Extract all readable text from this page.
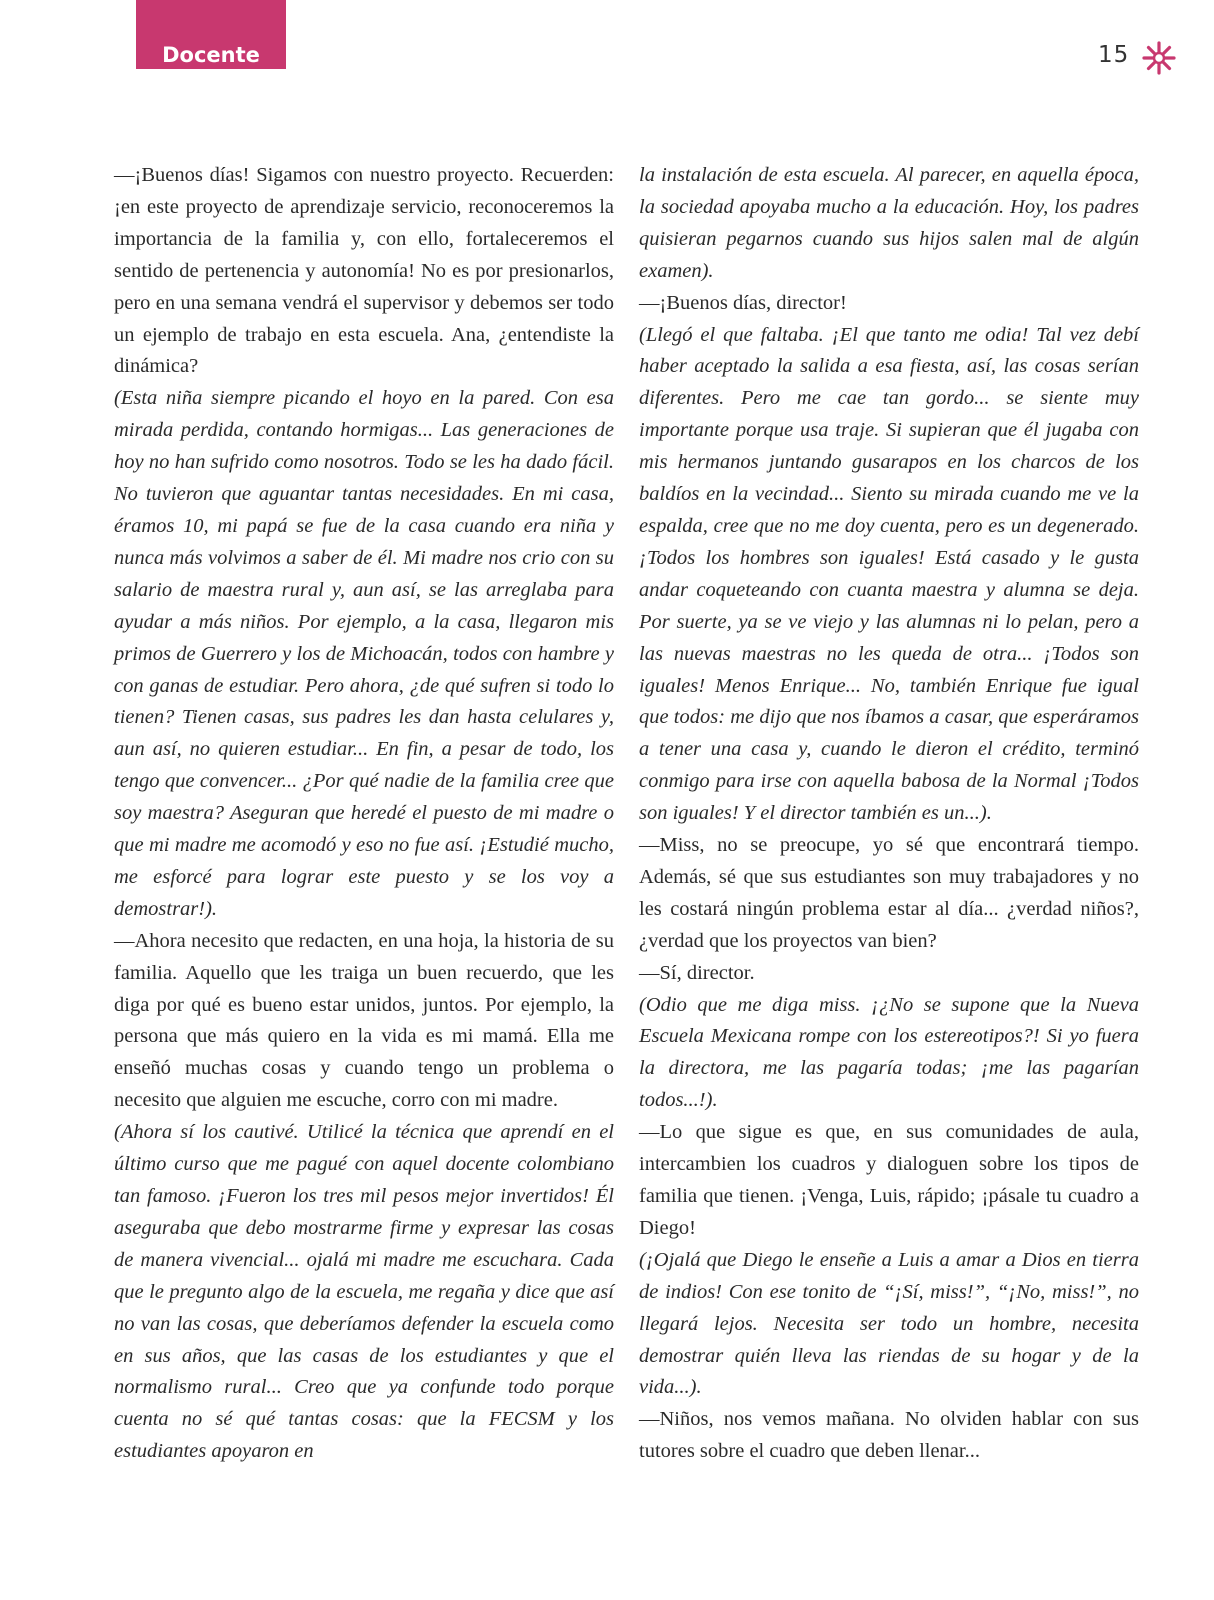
Docente	15

—¡Buenos días! Sigamos con nuestro proyecto. Recuerden: ¡en este proyecto de aprendizaje servicio, reconoceremos la importancia de la familia y, con ello, fortaleceremos el sentido de pertenencia y autonomía! No es por presionarlos, pero en una semana vendrá el supervisor y debemos ser todo un ejemplo de trabajo en esta escuela. Ana, ¿entendiste la dinámica?

(Esta niña siempre picando el hoyo en la pared. Con esa mirada perdida, contando hormigas... Las generaciones de hoy no han sufrido como nosotros. Todo se les ha dado fácil. No tuvieron que aguantar tantas necesidades. En mi casa, éramos 10, mi papá se fue de la casa cuando era niña y nunca más volvimos a saber de él. Mi madre nos crio con su salario de maestra rural y, aun así, se las arreglaba para ayudar a más niños. Por ejemplo, a la casa, llegaron mis primos de Guerrero y los de Michoacán, todos con hambre y con ganas de estudiar. Pero ahora, ¿de qué sufren si todo lo tienen? Tienen casas, sus padres les dan hasta celulares y, aun así, no quieren estudiar... En fin, a pesar de todo, los tengo que convencer... ¿Por qué nadie de la familia cree que soy maestra? Aseguran que heredé el puesto de mi madre o que mi madre me acomodó y eso no fue así. ¡Estudié mucho, me esforcé para lograr este puesto y se los voy a demostrar!).

—Ahora necesito que redacten, en una hoja, la historia de su familia. Aquello que les traiga un buen recuerdo, que les diga por qué es bueno estar unidos, juntos. Por ejemplo, la persona que más quiero en la vida es mi mamá. Ella me enseñó muchas cosas y cuando tengo un problema o necesito que alguien me escuche, corro con mi madre.

(Ahora sí los cautivé. Utilicé la técnica que aprendí en el último curso que me pagué con aquel docente colombiano tan famoso. ¡Fueron los tres mil pesos mejor invertidos! Él aseguraba que debo mostrarme firme y expresar las cosas de manera vivencial... ojalá mi madre me escuchara. Cada que le pregunto algo de la escuela, me regaña y dice que así no van las cosas, que deberíamos defender la escuela como en sus años, que las casas de los estudiantes y que el normalismo rural... Creo que ya confunde todo porque cuenta no sé qué tantas cosas: que la FECSM y los estudiantes apoyaron en

la instalación de esta escuela. Al parecer, en aquella época, la sociedad apoyaba mucho a la educación. Hoy, los padres quisieran pegarnos cuando sus hijos salen mal de algún examen).

—¡Buenos días, director!

(Llegó el que faltaba. ¡El que tanto me odia! Tal vez debí haber aceptado la salida a esa fiesta, así, las cosas serían diferentes. Pero me cae tan gordo... se siente muy importante porque usa traje. Si supieran que él jugaba con mis hermanos juntando gusarapos en los charcos de los baldíos en la vecindad... Siento su mirada cuando me ve la espalda, cree que no me doy cuenta, pero es un degenerado. ¡Todos los hombres son iguales! Está casado y le gusta andar coqueteando con cuanta maestra y alumna se deja. Por suerte, ya se ve viejo y las alumnas ni lo pelan, pero a las nuevas maestras no les queda de otra... ¡Todos son iguales! Menos Enrique... No, también Enrique fue igual que todos: me dijo que nos íbamos a casar, que esperáramos a tener una casa y, cuando le dieron el crédito, terminó conmigo para irse con aquella babosa de la Normal ¡Todos son iguales! Y el director también es un...).

—Miss, no se preocupe, yo sé que encontrará tiempo. Además, sé que sus estudiantes son muy trabajadores y no les costará ningún problema estar al día... ¿verdad niños?, ¿verdad que los proyectos van bien?

—Sí, director.

(Odio que me diga miss. ¡¿No se supone que la Nueva Escuela Mexicana rompe con los estereotipos?! Si yo fuera la directora, me las pagaría todas; ¡me las pagarían todos...!).

—Lo que sigue es que, en sus comunidades de aula, intercambien los cuadros y dialoguen sobre los tipos de familia que tienen. ¡Venga, Luis, rápido; ¡pásale tu cuadro a Diego!

(¡Ojalá que Diego le enseñe a Luis a amar a Dios en tierra de indios! Con ese tonito de “¡Sí, miss!”, “¡No, miss!”, no llegará lejos. Necesita ser todo un hombre, necesita demostrar quién lleva las riendas de su hogar y de la vida...).

—Niños, nos vemos mañana. No olviden hablar con sus tutores sobre el cuadro que deben llenar...
